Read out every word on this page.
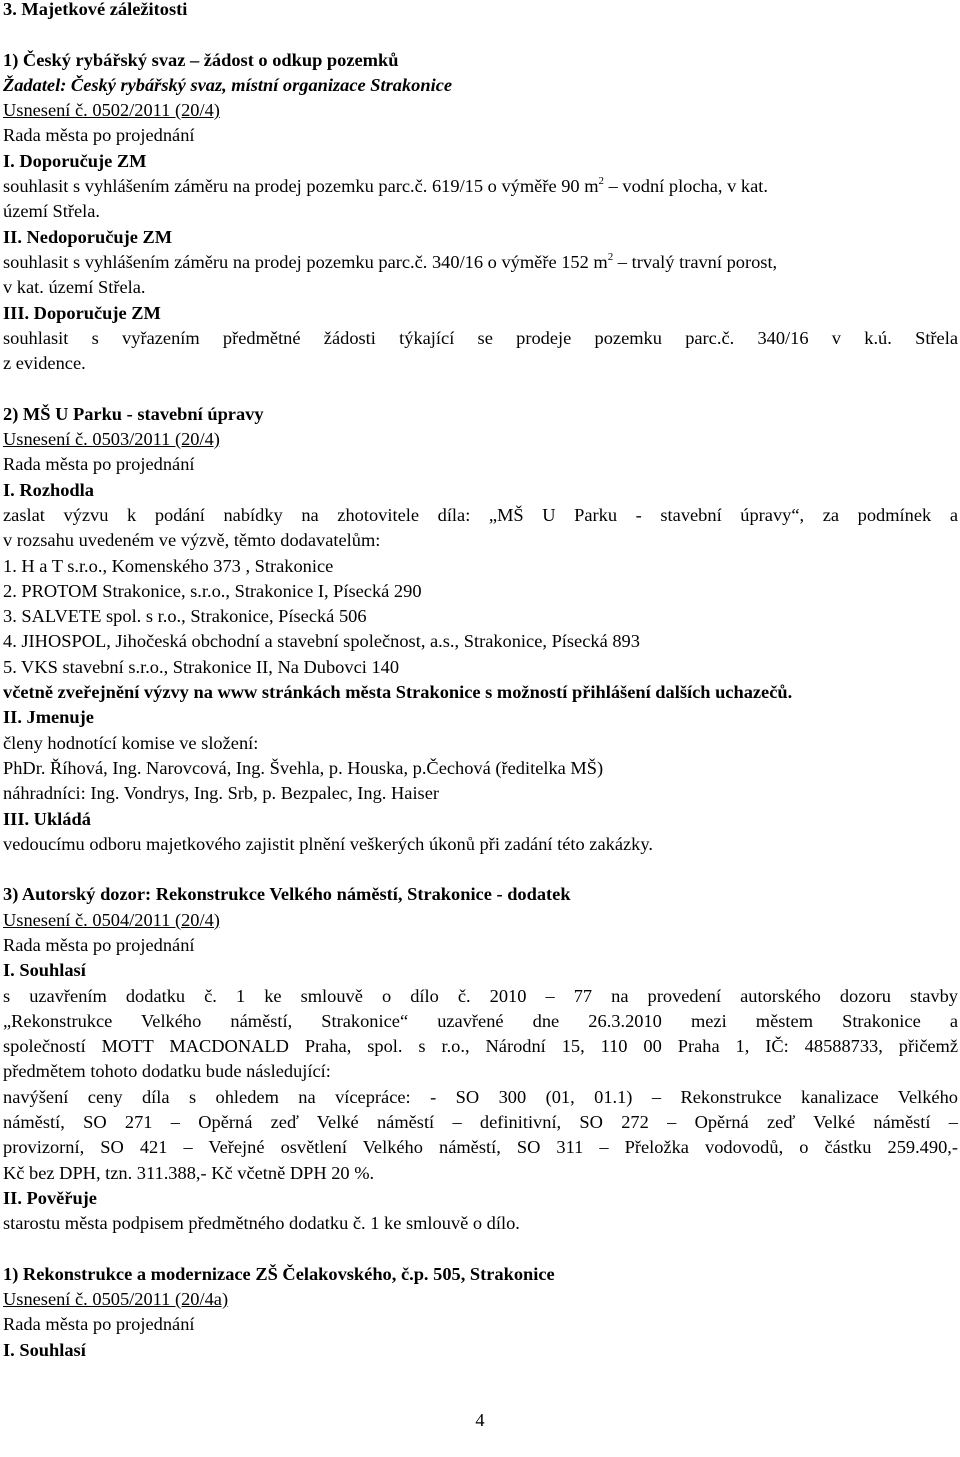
3. Majetkové záležitosti
1) Český rybářský svaz – žádost o odkup pozemků
Žadatel: Český rybářský svaz, místní organizace Strakonice
Usnesení č. 0502/2011 (20/4)
Rada města po projednání
I. Doporučuje ZM
souhlasit s vyhlášením záměru na prodej pozemku parc.č. 619/15 o výměře 90 $m^2$ – vodní plocha, v kat.
území Střela.
II. Nedoporučuje ZM
souhlasit s vyhlášením záměru na prodej pozemku parc.č. 340/16 o výměře 152 $m^2$ – trvalý travní porost,
v kat. území Střela.
III. Doporučuje ZM
souhlasit s vyřazením předmětné žádosti týkající se prodeje pozemku parc.č. 340/16 v k.ú. Střela
z evidence.
2) MŠ U Parku - stavební úpravy
Usnesení č. 0503/2011 (20/4)
Rada města po projednání
I. Rozhodla
zaslat výzvu k podání nabídky na zhotovitele díla: „MŠ U Parku - stavební úpravy“, za podmínek a
v rozsahu uvedeném ve výzvě, těmto dodavatelům:
1. H a T s.r.o., Komenského 373 , Strakonice
2. PROTOM Strakonice, s.r.o., Strakonice I, Písecká 290
3. SALVETE spol. s r.o., Strakonice, Písecká 506
4. JIHOSPOL, Jihočeská obchodní a stavební společnost, a.s., Strakonice, Písecká 893
5. VKS stavební s.r.o., Strakonice II, Na Dubovci 140
včetně zveřejnění výzvy na www stránkách města Strakonice s možností přihlášení dalších uchazečů.
II. Jmenuje
členy hodnotící komise ve složení:
PhDr. Říhová, Ing. Narovcová, Ing. Švehla, p. Houska, p.Čechová (ředitelka MŠ)
náhradníci: Ing. Vondrys, Ing. Srb, p. Bezpalec, Ing. Haiser
III. Ukládá
vedoucímu odboru majetkového zajistit plnění veškerých úkonů při zadání této zakázky.
3) Autorský dozor: Rekonstrukce Velkého náměstí, Strakonice - dodatek
Usnesení č. 0504/2011 (20/4)
Rada města po projednání
I. Souhlasí
s uzavřením dodatku č. 1 ke smlouvě o dílo č. 2010 – 77 na provedení autorského dozoru stavby
„Rekonstrukce Velkého náměstí, Strakonice“ uzavřené dne 26.3.2010 mezi městem Strakonice a
společností MOTT MACDONALD Praha, spol. s r.o., Národní 15, 110 00 Praha 1, IČ: 48588733, přičemž
předmětem tohoto dodatku bude následující:
navýšení ceny díla s ohledem na vícepráce: - SO 300 (01, 01.1) – Rekonstrukce kanalizace Velkého
náměstí, SO 271 – Opěrná zeď Velké náměstí – definitivní, SO 272 – Opěrná zeď Velké náměstí –
provizorní, SO 421 – Veřejné osvětlení Velkého náměstí, SO 311 – Přeložka vodovodů, o částku 259.490,-
Kč bez DPH, tzn. 311.388,- Kč včetně DPH 20 %.
II. Pověřuje
starostu města podpisem předmětného dodatku č. 1 ke smlouvě o dílo.
1) Rekonstrukce a modernizace ZŠ Čelakovského, č.p. 505, Strakonice
Usnesení č. 0505/2011 (20/4a)
Rada města po projednání
I. Souhlasí
4
